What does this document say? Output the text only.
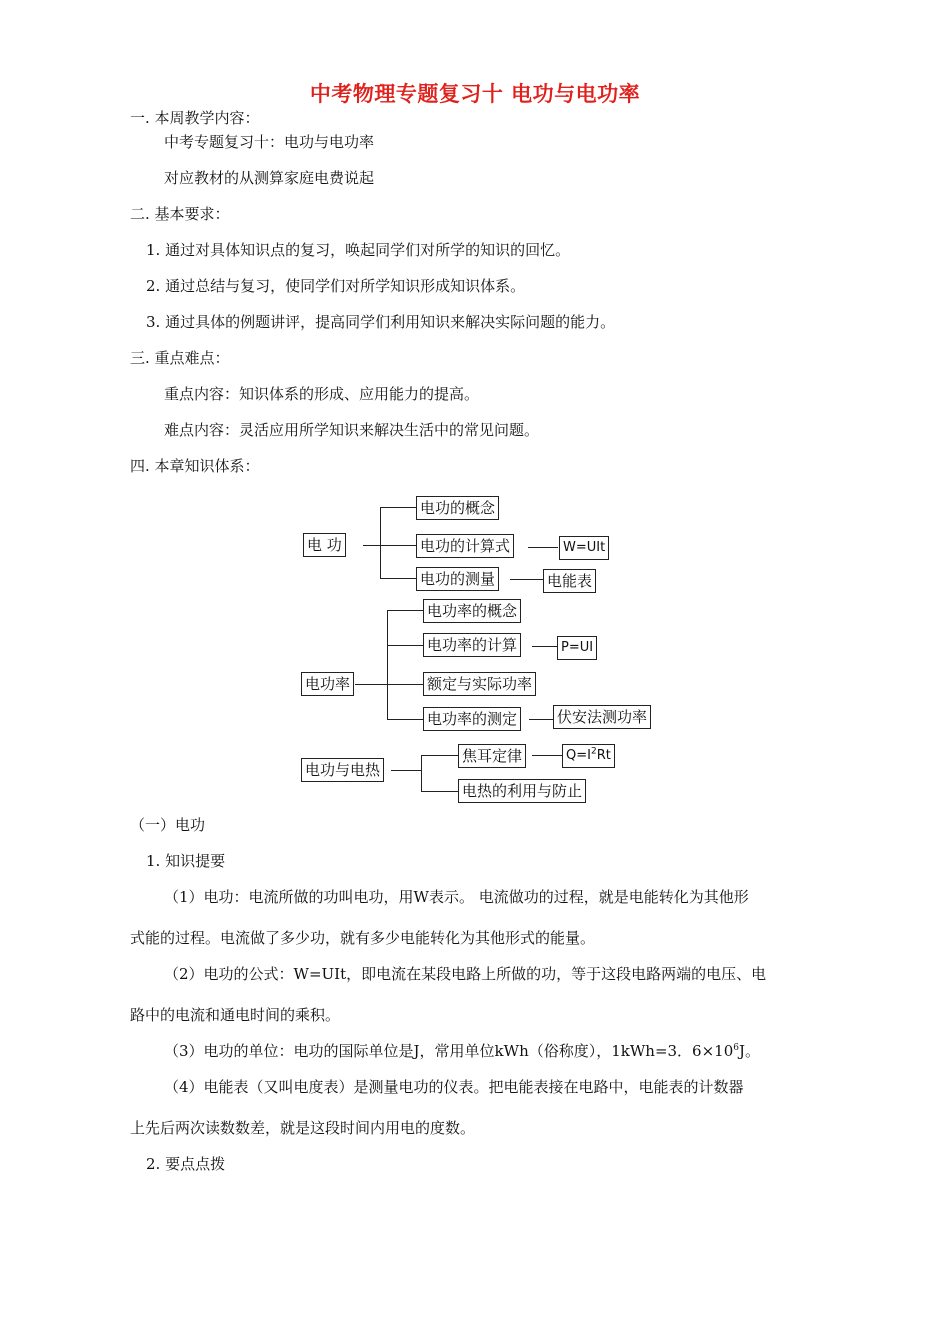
中考物理专题复习十 电功与电功率
一. 本周教学内容：
中考专题复习十：电功与电功率
对应教材的从测算家庭电费说起
二. 基本要求：
1. 通过对具体知识点的复习，唤起同学们对所学的知识的回忆。
2. 通过总结与复习，使同学们对所学知识形成知识体系。
3. 通过具体的例题讲评，提高同学们利用知识来解决实际问题的能力。
三. 重点难点：
重点内容：知识体系的形成、应用能力的提高。
难点内容：灵活应用所学知识来解决生活中的常见问题。
四. 本章知识体系：
电 功
电功的概念
电功的计算式	W=UIt
电功的测量	电能表
电功率
电功率的概念
电功率的计算	P=UI
额定与实际功率
电功率的测定	伏安法测功率
电功与电热
焦耳定律	$Q=I^2Rt$
电热的利用与防止
（一）电功
1. 知识提要
（1）电功：电流所做的功叫电功，用W表示。 电流做功的过程，就是电能转化为其他形
式能的过程。电流做了多少功，就有多少电能转化为其他形式的能量。
（2）电功的公式：W=UIt，即电流在某段电路上所做的功，等于这段电路两端的电压、电
路中的电流和通电时间的乘积。
（3）电功的单位：电功的国际单位是J，常用单位kWh（俗称度），1kWh=3．$6\times 10^6J$。
（4）电能表（又叫电度表）是测量电功的仪表。把电能表接在电路中，电能表的计数器
上先后两次读数数差，就是这段时间内用电的度数。
2. 要点点拨
